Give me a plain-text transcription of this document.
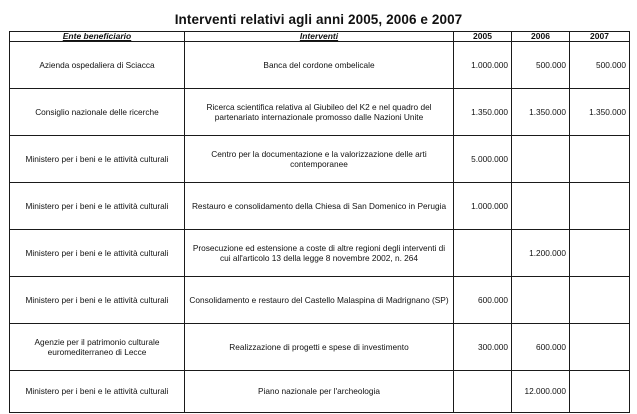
Interventi relativi agli anni 2005, 2006 e 2007
Ente beneficiario	Interventi	2005	2006	2007
Azienda ospedaliera di Sciacca	Banca del cordone ombelicale	1.000.000	500.000	500.000
Consiglio nazionale delle ricerche	Ricerca scientifica relativa al Giubileo del K2 e nel quadro del partenariato internazionale promosso dalle Nazioni Unite	1.350.000	1.350.000	1.350.000
Ministero per i beni e le attività culturali	Centro per la documentazione e la valorizzazione delle arti contemporanee	5.000.000		
Ministero per i beni e le attività culturali	Restauro e consolidamento della Chiesa di San Domenico in Perugia	1.000.000		
Ministero per i beni e le attività culturali	Prosecuzione ed estensione a coste di altre regioni degli interventi di cui all'articolo 13 della legge 8 novembre 2002, n. 264		1.200.000	
Ministero per i beni e le attività culturali	Consolidamento e restauro del Castello Malaspina di Madrignano (SP)	600.000		
Agenzie per il patrimonio culturale euromediterraneo di Lecce	Realizzazione di progetti e spese di investimento	300.000	600.000	
Ministero per i beni e le attività culturali	Piano nazionale per l'archeologia		12.000.000	
